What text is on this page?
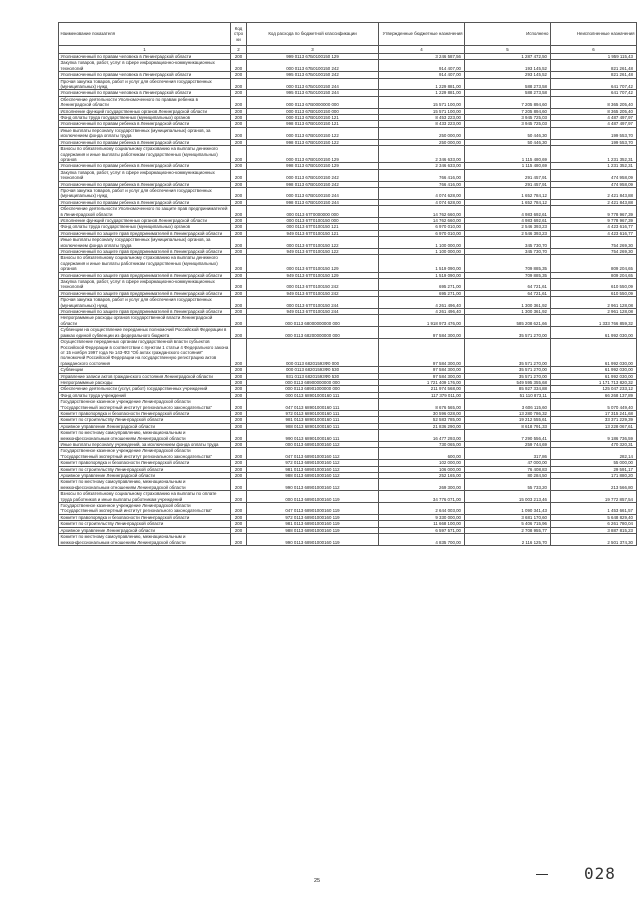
Наименование показателя	Код стро ки	Код расхода по бюджетной классификации	Утвержденные бюджетные назначения	Исполнено	Неисполненные назначения
1	2	3	4	5	6
Уполномоченный по правам человека в Ленинградской области	200	999 0113 67Б0100150 129	3 246 587,56	1 287 472,50	1 959 115,43
Закупка товаров, работ, услуг в сфере информационно-коммуникационных технологий	200	000 0113 67Б0100150 242	914 407,00	193 145,52	821 261,48
Уполномоченный по правам человека в Ленинградской области	200	995 0113 67Б0100150 242	914 407,00	293 145,52	821 261,48
Прочая закупка товаров, работ и услуг для обеспечения государственных (муниципальных) нужд	200	000 0113 67Б0100150 244	1 229 881,00	588 273,58	641 707,42
Уполномоченный по правам человека в Ленинградской области	200	995 0113 67Б0100150 244	1 229 881,00	588 273,58	641 707,42
Обеспечение деятельности Уполномоченного по правам ребенка в Ленинградской области	200	000 0113 67В0000000 000	15 571 100,00	7 205 894,60	8 365 205,40
Исполнение функций государственных органов Ленинградской области	200	000 0113 67В0100150 000	15 571 100,00	7 205 894,60	8 365 205,40
Фонд оплаты труда государственных (муниципальных) органов	200	000 0113 67В0100150 121	8 453 223,00	3 945 725,03	4 487 497,97
Уполномоченный по правам ребенка в Ленинградской области	200	998 0113 67В0100150 121	8 433 223,00	3 945 725,03	4 487 497,97
Иные выплаты персоналу государственных (муниципальных) органов, за исключением фонда оплаты труда	200	000 0113 67В0100150 122	250 000,00	50 446,30	199 553,70
Уполномоченный по правам ребенка в Ленинградской области	200	998 0113 67В0100150 122	250 000,00	50 446,30	199 553,70
Взносы по обязательному социальному страхованию на выплаты денежного содержания и иные выплаты работникам государственных (муниципальных) органов	200	000 0113 67В0100150 129	2 346 633,00	1 115 480,69	1 231 352,31
Уполномоченный по правам ребенка в Ленинградской области	200	998 0113 67В0100150 129	2 346 633,00	1 115 480,69	1 231 352,31
Закупка товаров, работ, услуг в сфере информационно-коммуникационных технологий	200	000 0113 67В0100150 242	766 416,00	291 457,91	474 958,09
Уполномоченный по правам ребенка в Ленинградской области	200	998 0113 67В0100150 242	766 416,00	291 457,91	474 958,09
Прочая закупка товаров, работ и услуг для обеспечения государственных (муниципальных) нужд	200	000 0113 67В0100150 244	4 074 628,00	1 652 784,12	2 421 843,88
Уполномоченный по правам ребенка в Ленинградской области	200	998 0113 67В0100150 244	4 074 628,00	1 652 784,12	2 421 843,88
Обеспечение деятельности Уполномоченного по защите прав предпринимателей в Ленинградской области	200	000 0113 67Г0000000 000	14 762 660,00	4 983 692,61	9 778 967,39
Исполнение функций государственных органов Ленинградской области	200	000 0113 67Г0100150 000	14 762 660,00	4 983 692,61	9 778 967,39
Фонд оплаты труда государственных (муниципальных) органов	200	000 0113 67Г0100150 121	6 970 010,00	2 546 393,23	4 423 616,77
Уполномоченный по защите прав предпринимателей в Ленинградской области	200	949 0113 67Г0100150 121	6 970 010,00	2 546 393,23	4 423 616,77
Иные выплаты персоналу государственных (муниципальных) органов, за исключением фонда оплаты труда	200	000 0113 67Г0100150 122	1 100 000,00	345 730,70	754 269,30
Уполномоченный по защите прав предпринимателей в Ленинградской области	200	949 0113 67Г0100150 122	1 100 000,00	345 730,70	754 269,30
Взносы по обязательному социальному страхованию на выплаты денежного содержания и иные выплаты работникам государственных (муниципальных) органов	200	000 0113 67Г0100150 129	1 519 090,00	709 885,35	809 204,65
Уполномоченный по защите прав предпринимателей в Ленинградской области	200	949 0113 67Г0100150 129	1 519 090,00	709 885,35	809 204,65
Закупка товаров, работ, услуг в сфере информационно-коммуникационных технологий	200	000 0113 67Г0100150 242	695 271,00	64 721,61	610 550,09
Уполномоченный по защите прав предпринимателей в Ленинградской области	200	949 0113 67Г0100150 242	695 271,00	64 721,61	610 550,09
Прочая закупка товаров, работ и услуг для обеспечения государственных (муниципальных) нужд	200	000 0113 67Г0100150 244	4 261 496,40	1 300 361,92	2 961 128,08
Уполномоченный по защите прав предпринимателей в Ленинградской области	200	949 0113 67Г0100150 244	4 261 496,40	1 300 361,92	2 961 128,08
Непрограммные расходы органов государственной власти Ленинградской области	200	000 0113 68000000000 000	1 918 973 476,00	585 208 621,66	1 333 766 859,32
Субвенции на осуществление переданных полномочий Российской Федерации в рамках единой субвенции из федерального бюджета	200	000 0113 68200000000 000	97 584 300,00	35 571 270,00	61 992 030,00
Осуществление переданных органам государственной власти субъектов Российской Федерации в соответствии с пунктом 1 статьи 4 Федерального закона от 15 ноября 1997 года № 143-ФЗ "Об актах гражданского состояния" полномочий Российской Федерации на государственную регистрацию актов гражданского состояния	200	000 0113 68201593Ф0 000	97 584 300,00	35 571 270,00	61 992 030,00
Субвенции	200	000 0113 68201593Ф0 530	97 584 300,00	35 571 270,00	61 992 030,00
Управление записи актов гражданского состояния Ленинградской области	200	931 0113 68201593Ф0 530	97 584 300,00	35 571 270,00	61 992 030,00
Непрограммные расходы	200	000 0113 68900000000 000	1 721 409 176,00	549 595 355,68	1 171 713 820,32
Обеспечение деятельности (услуг, работ) государственных учреждений	200	000 0113 68901000000 000	211 974 568,00	85 927 334,88	125 047 233,12
Фонд оплаты труда учреждений	200	000 0113 68901000160 111	117 379 011,00	51 110 873,11	66 268 137,89
Государственное казенное учреждение Ленинградской области "Государственный экспертный институт регионального законодательства"	200	047 0113 68901000160 111	8 676 565,00	3 606 115,60	5 070 449,40
Комитет правопорядка и безопасности Ленинградской области	200	972 0113 68901000160 111	30 596 028,00	13 280 786,32	17 315 241,68
Комитет по строительству Ленинградской области	200	981 0113 68901000160 111	52 583 785,00	19 212 555,61	33 371 229,39
Архивное управление Ленинградской области	200	988 0113 68901000160 111	21 836 290,00	8 618 791,33	13 228 067,61
Комитет по местному самоуправлению, межнациональным и межконфессиональным отношениям Ленинградской области	200	990 0113 68901000160 111	16 477 293,00	7 290 556,41	9 186 736,59
Иные выплаты персоналу учреждений, за исключением фонда оплаты труда	200	000 0113 68901000160 112	730 065,00	259 744,69	470 320,31
Государственное казенное учреждение Ленинградской области "Государственный экспертный институт регионального законодательства"	200	047 0113 68901000160 112	600,00	317,86	282,14
Комитет правопорядка и безопасности Ленинградской области	200	972 0113 68901000160 112	102 000,00	47 000,00	55 000,00
Комитет по строительству Ленинградской области	200	981 0113 68901000160 112	106 000,00	76 408,83	29 591,17
Архивное управление Ленинградской области	200	988 0113 68901000160 112	252 165,00	80 284,50	171 880,20
Комитет по местному самоуправлению, межнациональным и межконфессиональным отношениям Ленинградской области	200	990 0113 68901000160 112	269 300,00	55 733,20	213 566,80
Взносы по обязательному социальному страхованию на выплаты по оплате труда работников и иные выплаты работникам учреждений	200	000 0113 68901000160 119	34 776 071,00	15 003 213,46	19 772 857,54
Государственное казенное учреждение Ленинградской области "Государственный экспертный институт регионального законодательства"	200	047 0113 68901000160 119	2 644 003,00	1 090 341,43	1 453 661,57
Комитет правопорядка и безопасности Ленинградской области	200	972 0113 68901000160 119	9 330 000,00	3 681 170,60	5 648 829,40
Комитет по строительству Ленинградской области	200	981 0113 68901000160 119	11 668 100,00	5 406 715,96	6 261 780,04
Архивное управление Ленинградской области	200	988 0113 68901000160 119	6 597 571,00	2 708 955,77	3 887 815,23
Комитет по местному самоуправлению, межнациональным и межконфессиональным отношениям Ленинградской области	200	990 0113 68901000160 119	4 835 700,00	2 116 125,70	2 501 374,30
25	028
